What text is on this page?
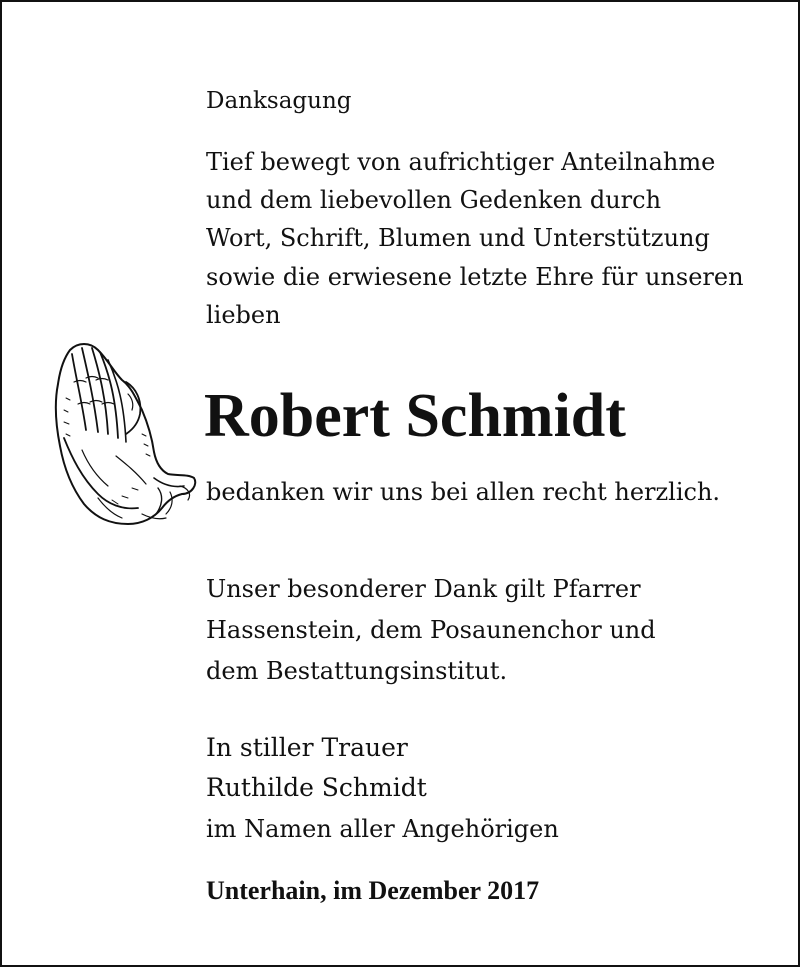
Danksagung

Tief bewegt von aufrichtiger Anteilnahme
und dem liebevollen Gedenken durch
Wort, Schrift, Blumen und Unterstützung
sowie die erwiesene letzte Ehre für unseren
lieben

Robert Schmidt

bedanken wir uns bei allen recht herzlich.

Unser besonderer Dank gilt Pfarrer
Hassenstein, dem Posaunenchor und
dem Bestattungsinstitut.

In stiller Trauer
Ruthilde Schmidt
im Namen aller Angehörigen

Unterhain, im Dezember 2017
